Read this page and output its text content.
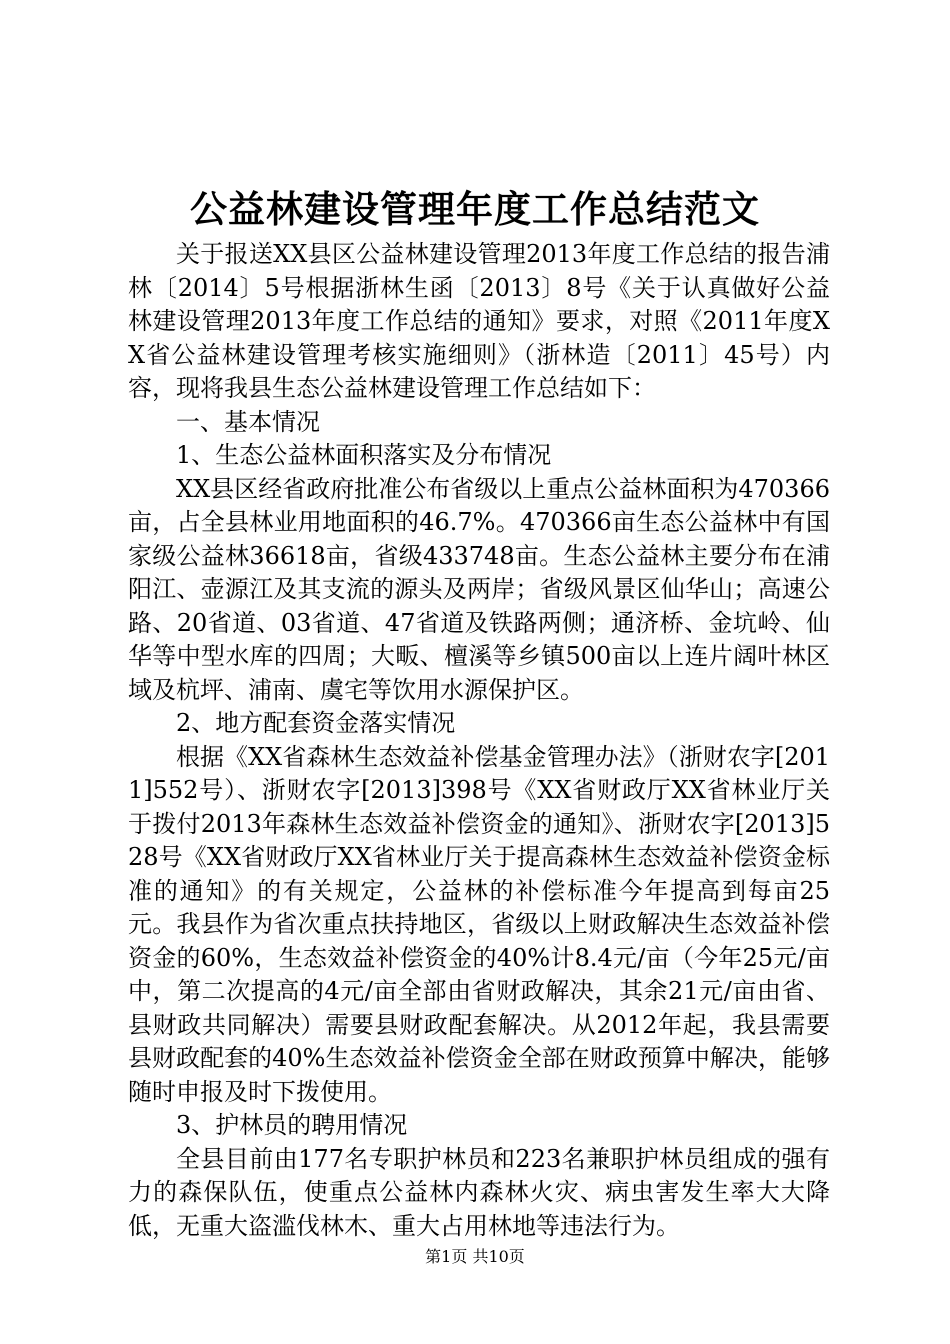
公益林建设管理年度工作总结范文

关于报送XX县区公益林建设管理2013年度工作总结的报告浦林〔2014〕5号根据浙林生函〔2013〕8号《关于认真做好公益林建设管理2013年度工作总结的通知》要求，对照《2011年度XX省公益林建设管理考核实施细则》（浙林造〔2011〕45号）内容，现将我县生态公益林建设管理工作总结如下：

一、基本情况

1、生态公益林面积落实及分布情况

XX县区经省政府批准公布省级以上重点公益林面积为470366亩，占全县林业用地面积的46.7%。470366亩生态公益林中有国家级公益林36618亩，省级433748亩。生态公益林主要分布在浦阳江、壶源江及其支流的源头及两岸；省级风景区仙华山；高速公路、20省道、03省道、47省道及铁路两侧；通济桥、金坑岭、仙华等中型水库的四周；大畈、檀溪等乡镇500亩以上连片阔叶林区域及杭坪、浦南、虞宅等饮用水源保护区。

2、地方配套资金落实情况

根据《XX省森林生态效益补偿基金管理办法》（浙财农字[2011]552号）、浙财农字[2013]398号《XX省财政厅XX省林业厅关于拨付2013年森林生态效益补偿资金的通知》、浙财农字[2013]528号《XX省财政厅XX省林业厅关于提高森林生态效益补偿资金标准的通知》的有关规定，公益林的补偿标准今年提高到每亩25元。我县作为省次重点扶持地区，省级以上财政解决生态效益补偿资金的60%，生态效益补偿资金的40%计8.4元/亩（今年25元/亩中，第二次提高的4元/亩全部由省财政解决，其余21元/亩由省、县财政共同解决）需要县财政配套解决。从2012年起，我县需要县财政配套的40%生态效益补偿资金全部在财政预算中解决，能够随时申报及时下拨使用。

3、护林员的聘用情况

全县目前由177名专职护林员和223名兼职护林员组成的强有力的森保队伍，使重点公益林内森林火灾、病虫害发生率大大降低，无重大盗滥伐林木、重大占用林地等违法行为。

第1页 共10页
